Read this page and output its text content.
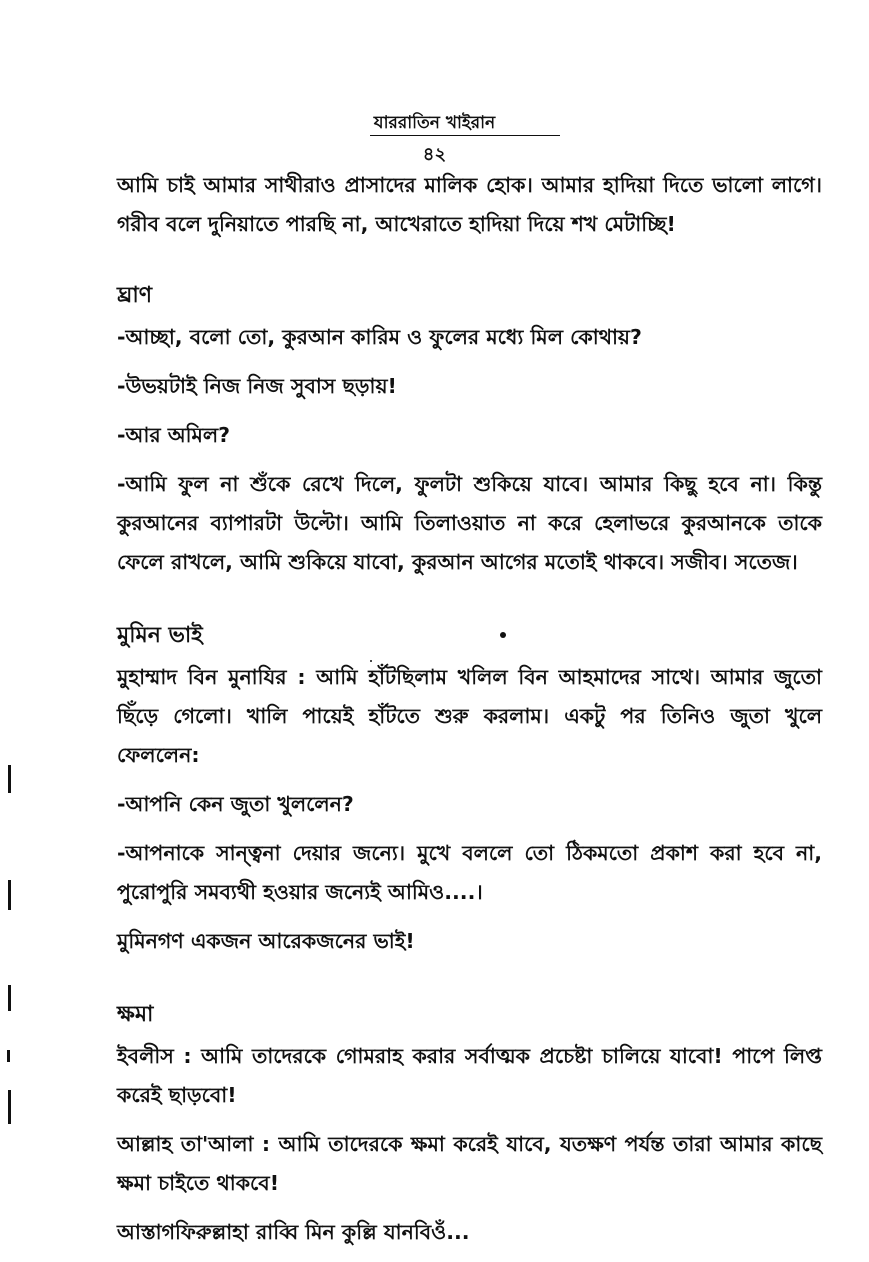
যাররাতিন খাইরান
৪২

আমি চাই আমার সাথীরাও প্রাসাদের মালিক হোক। আমার হাদিয়া দিতে ভালো লাগে। গরীব বলে দুনিয়াতে পারছি না, আখেরাতে হাদিয়া দিয়ে শখ মেটাচ্ছি!

ঘ্রাণ

-আচ্ছা, বলো তো, কুরআন কারিম ও ফুলের মধ্যে মিল কোথায়?

-উভয়টাই নিজ নিজ সুবাস ছড়ায়!

-আর অমিল?

-আমি ফুল না শুঁকে রেখে দিলে, ফুলটা শুকিয়ে যাবে। আমার কিছু হবে না। কিন্তু কুরআনের ব্যাপারটা উল্টো। আমি তিলাওয়াত না করে হেলাভরে কুরআনকে তাকে ফেলে রাখলে, আমি শুকিয়ে যাবো, কুরআন আগের মতোই থাকবে। সজীব। সতেজ।

মুমিন ভাই

মুহাম্মাদ বিন মুনাযির : আমি হাঁটছিলাম খলিল বিন আহমাদের সাথে। আমার জুতো ছিঁড়ে গেলো। খালি পায়েই হাঁটতে শুরু করলাম। একটু পর তিনিও জুতা খুলে ফেললেন:

-আপনি কেন জুতা খুললেন?

-আপনাকে সান্ত্বনা দেয়ার জন্যে। মুখে বললে তো ঠিকমতো প্রকাশ করা হবে না, পুরোপুরি সমব্যথী হওয়ার জন্যেই আমিও....।

মুমিনগণ একজন আরেকজনের ভাই!

ক্ষমা

ইবলীস : আমি তাদেরকে গোমরাহ করার সর্বাত্মক প্রচেষ্টা চালিয়ে যাবো! পাপে লিপ্ত করেই ছাড়বো!

আল্লাহ তা'আলা : আমি তাদেরকে ক্ষমা করেই যাবে, যতক্ষণ পর্যন্ত তারা আমার কাছে ক্ষমা চাইতে থাকবে!

আস্তাগফিরুল্লাহা রাব্বি মিন কুল্লি যানবিওঁ...
